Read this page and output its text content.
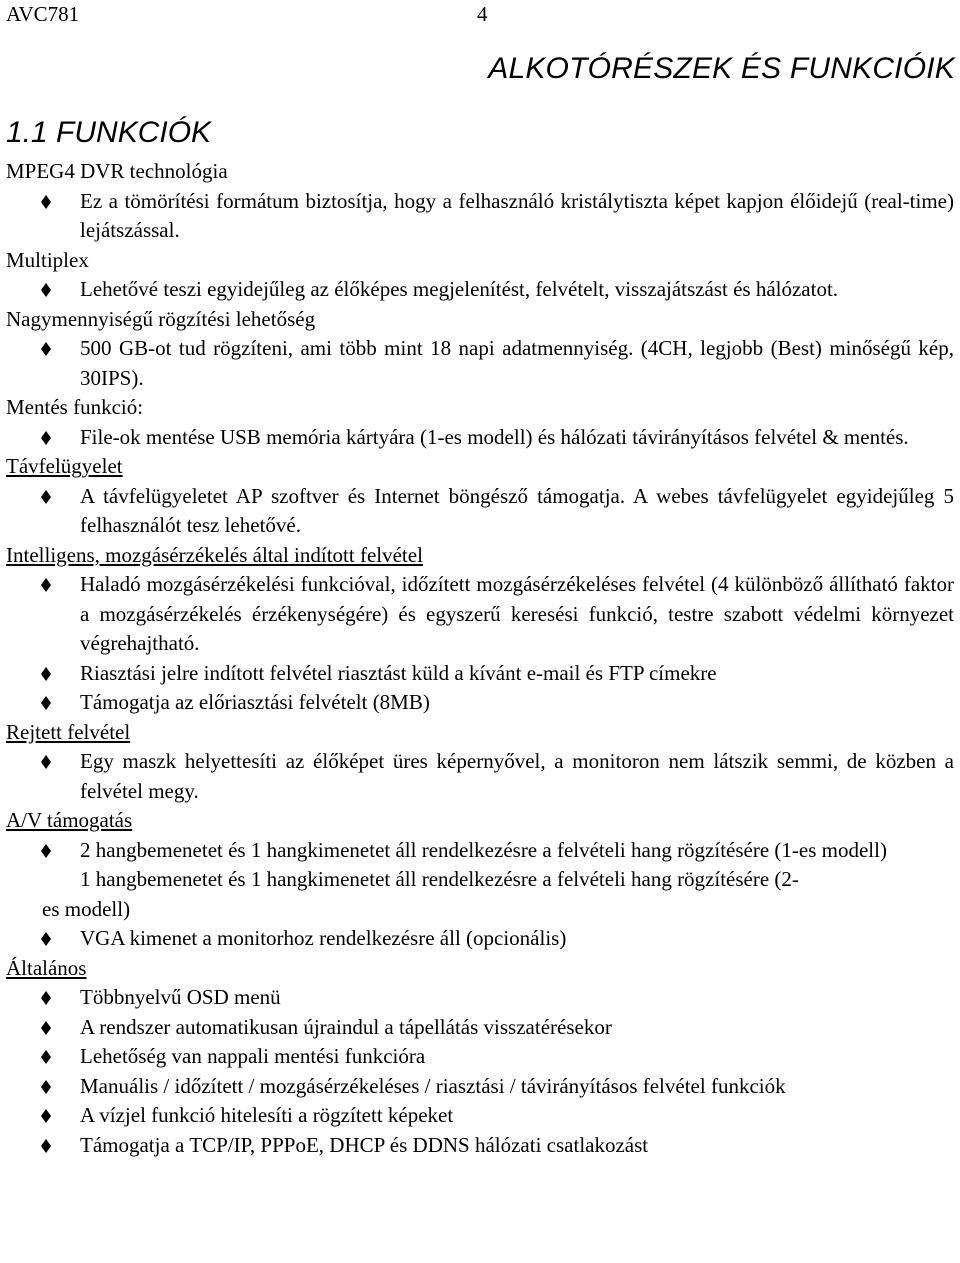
AVC781	4
ALKOTÓRÉSZEK ÉS FUNKCIÓIK
1.1 FUNKCIÓK
MPEG4 DVR technológia
Ez a tömörítési formátum biztosítja, hogy a felhasználó kristálytiszta képet kapjon élőidejű (real-time) lejátszással.
Multiplex
Lehetővé teszi egyidejűleg az élőképes megjelenítést, felvételt, visszajátszást és hálózatot.
Nagymennyiségű rögzítési lehetőség
500 GB-ot tud rögzíteni, ami több mint 18 napi adatmennyiség. (4CH, legjobb (Best) minőségű kép, 30IPS).
Mentés funkció:
File-ok mentése USB memória kártyára (1-es modell) és hálózati távirányításos felvétel & mentés.
Távfelügyelet
A távfelügyeletet AP szoftver és Internet böngésző támogatja. A webes távfelügyelet egyidejűleg 5 felhasználót tesz lehetővé.
Intelligens, mozgásérzékelés által indított felvétel
Haladó mozgásérzékelési funkcióval, időzített mozgásérzékeléses felvétel (4 különböző állítható faktor a mozgásérzékelés érzékenységére) és egyszerű keresési funkció, testre szabott védelmi környezet végrehajtható.
Riasztási jelre indított felvétel riasztást küld a kívánt e-mail és FTP címekre
Támogatja az előriasztási felvételt (8MB)
Rejtett felvétel
Egy maszk helyettesíti az élőképet üres képernyővel, a monitoron nem látszik semmi, de közben a felvétel megy.
A/V támogatás
2 hangbemenetet és 1 hangkimenetet áll rendelkezésre a felvételi hang rögzítésére (1-es modell)
1 hangbemenetet és 1 hangkimenetet áll rendelkezésre a felvételi hang rögzítésére (2-
es modell)
VGA kimenet a monitorhoz rendelkezésre áll (opcionális)
Általános
Többnyelvű OSD menü
A rendszer automatikusan újraindul a tápellátás visszatérésekor
Lehetőség van nappali mentési funkcióra
Manuális / időzített / mozgásérzékeléses / riasztási / távirányításos felvétel funkciók
A vízjel funkció hitelesíti a rögzített képeket
Támogatja a TCP/IP, PPPoE, DHCP és DDNS hálózati csatlakozást
